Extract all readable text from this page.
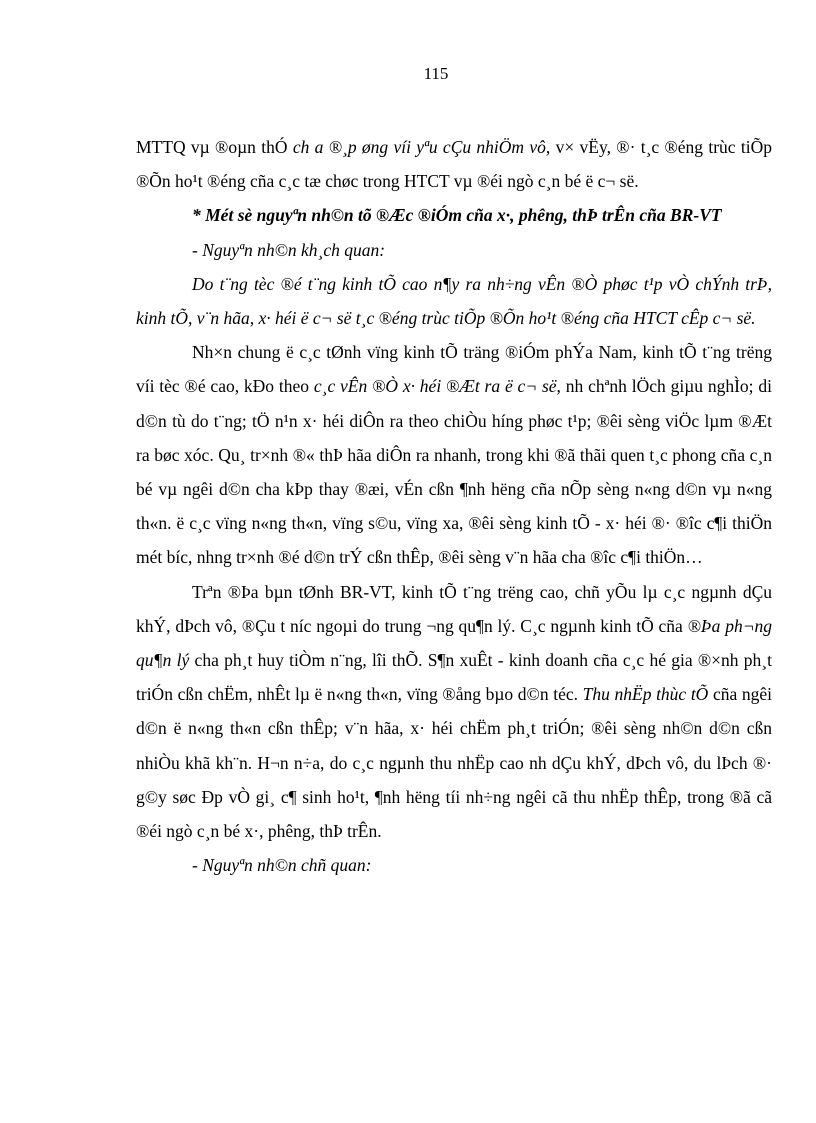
115

MTTQ vµ ®oµn thÓ ch a ®¸p øng víi yªu cÇu nhiÖm vô, v× vËy, ®· t¸c ®éng trùc tiÕp ®Õn ho¹t ®éng cña c¸c tæ chøc trong HTCT vµ ®éi ngò c¸n bé ë c¬ së.

* Mét sè nguyªn nh©n tõ ®Æc ®iÓm cña x·, phêng, thÞ trÊn cña BR-VT

- Nguyªn nh©n kh¸ch quan:

Do t¨ng tèc ®é t¨ng kinh tÕ cao n¶y ra nh÷ng vÊn ®Ò phøc t¹p vÒ chÝnh trÞ, kinh tÕ, v¨n hãa, x· héi ë c¬ së t¸c ®éng trùc tiÕp ®Õn ho¹t ®éng cña HTCT cÊp c¬ së.

Nh×n chung ë c¸c tØnh vïng kinh tÕ träng ®iÓm phÝa Nam, kinh tÕ t¨ng trëng víi tèc ®é cao, kÐo theo c¸c vÊn ®Ò x· héi ®Æt ra ë c¬ së, nh chªnh lÖch giµu nghÌo; di d©n tù do t¨ng; tÖ n¹n x· héi diÔn ra theo chiÒu híng phøc t¹p; ®êi sèng viÖc lµm ®Æt ra bøc xóc. Qu¸ tr×nh ®« thÞ hãa diÔn ra nhanh, trong khi ®ã thãi quen t¸c phong cña c¸n bé vµ ngêi d©n cha kÞp thay ®æi, vÉn cßn ¶nh hëng cña nÕp sèng n«ng d©n vµ n«ng th«n. ë c¸c vïng n«ng th«n, vïng s©u, vïng xa, ®êi sèng kinh tÕ - x· héi ®· ®îc c¶i thiÖn mét bíc, nhng tr×nh ®é d©n trÝ cßn thÊp, ®êi sèng v¨n hãa cha ®îc c¶i thiÖn…

Trªn ®Þa bµn tØnh BR-VT, kinh tÕ t¨ng trëng cao, chñ yÕu lµ c¸c ngµnh dÇu khÝ, dÞch vô, ®Çu t níc ngoµi do trung ¬ng qu¶n lý. C¸c ngµnh kinh tÕ cña ®Þa ph¬ng qu¶n lý cha ph¸t huy tiÒm n¨ng, lîi thÕ. S¶n xuÊt - kinh doanh cña c¸c hé gia ®×nh ph¸t triÓn cßn chËm, nhÊt lµ ë n«ng th«n, vïng ®ång bµo d©n téc. Thu nhËp thùc tÕ cña ngêi d©n ë n«ng th«n cßn thÊp; v¨n hãa, x· héi chËm ph¸t triÓn; ®êi sèng nh©n d©n cßn nhiÒu khã kh¨n. H¬n n÷a, do c¸c ngµnh thu nhËp cao nh dÇu khÝ, dÞch vô, du lÞch ®· g©y søc Ðp vÒ gi¸ c¶ sinh ho¹t, ¶nh hëng tíi nh÷ng ngêi cã thu nhËp thÊp, trong ®ã cã ®éi ngò c¸n bé x·, phêng, thÞ trÊn.

- Nguyªn nh©n chñ quan:
